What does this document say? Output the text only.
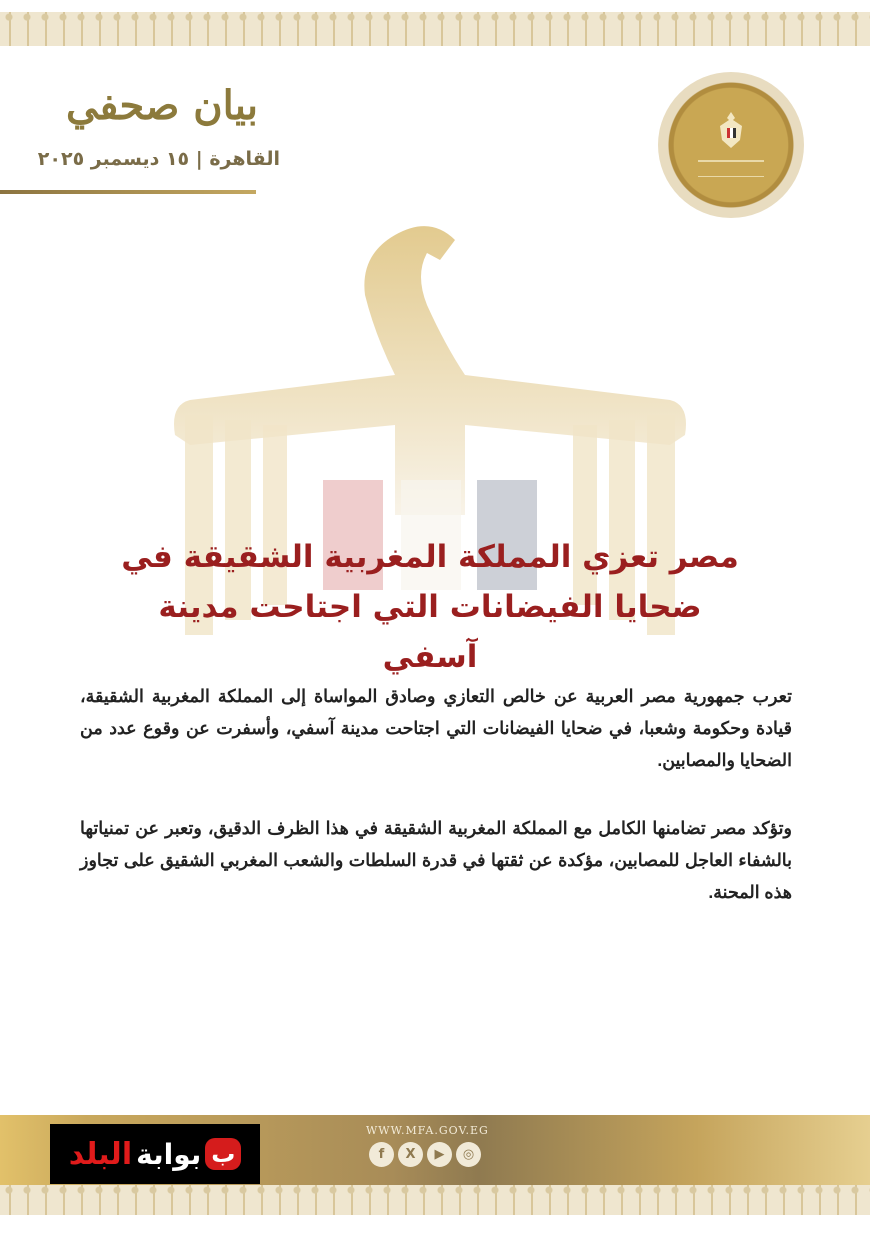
بيان صحفي
القاهرة | ١٥ ديسمبر ٢٠٢٥
مصر تعزي المملكة المغربية الشقيقة في ضحايا الفيضانات التي اجتاحت مدينة آسفي

تعرب جمهورية مصر العربية عن خالص التعازي وصادق المواساة إلى المملكة المغربية الشقيقة، قيادة وحكومة وشعبا، في ضحايا الفيضانات التي اجتاحت مدينة آسفي، وأسفرت عن وقوع عدد من الضحايا والمصابين.

وتؤكد مصر تضامنها الكامل مع المملكة المغربية الشقيقة في هذا الظرف الدقيق، وتعبر عن تمنياتها بالشفاء العاجل للمصابين، مؤكدة عن ثقتها في قدرة السلطات والشعب المغربي الشقيق على تجاوز هذه المحنة.

WWW.MFA.GOV.EG
f	X	▶	◎
ب
بوابة
البلد
